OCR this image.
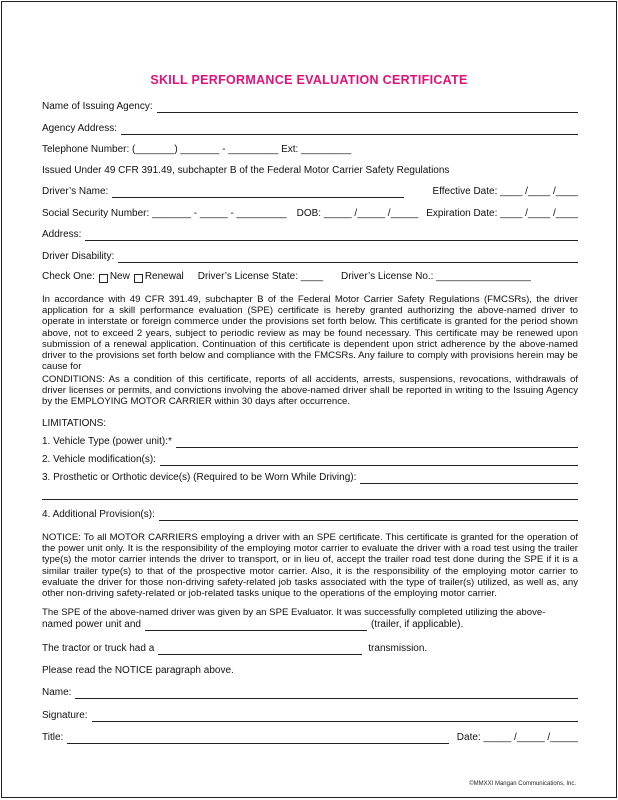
SKILL PERFORMANCE EVALUATION CERTIFICATE
Name of Issuing Agency:
Agency Address:
Telephone Number: (_______) _______ - _________ Ext: _________
Issued Under 49 CFR 391.49, subchapter B of the Federal Motor Carrier Safety Regulations
Driver’s Name:	Effective Date: ____ /____ /____
Social Security Number: _______ - _____ - _________ DOB: _____ /_____ /_____ Expiration Date: ____ /____ /____
Address:
Driver Disability:
Check One: New Renewal Driver’s License State: ____ Driver’s License No.: _________________
In accordance with 49 CFR 391.49, subchapter B of the Federal Motor Carrier Safety Regulations (FMCSRs), the driver application for a skill performance evaluation (SPE) certificate is hereby granted authorizing the above-named driver to operate in interstate or foreign commerce under the provisions set forth below. This certificate is granted for the period shown above, not to exceed 2 years, subject to periodic review as may be found necessary. This certificate may be renewed upon submission of a renewal application. Continuation of this certificate is dependent upon strict adherence by the above-named driver to the provisions set forth below and compliance with the FMCSRs. Any failure to comply with provisions herein may be cause for
CONDITIONS: As a condition of this certificate, reports of all accidents, arrests, suspensions, revocations, withdrawals of driver licenses or permits, and convictions involving the above-named driver shall be reported in writing to the Issuing Agency by the EMPLOYING MOTOR CARRIER within 30 days after occurrence.
LIMITATIONS:
1. Vehicle Type (power unit):*
2. Vehicle modification(s):
3. Prosthetic or Orthotic device(s) (Required to be Worn While Driving):
4. Additional Provision(s):
NOTICE: To all MOTOR CARRIERS employing a driver with an SPE certificate. This certificate is granted for the operation of the power unit only. It is the responsibility of the employing motor carrier to evaluate the driver with a road test using the trailer type(s) the motor carrier intends the driver to transport, or in lieu of, accept the trailer road test done during the SPE if it is a similar trailer type(s) to that of the prospective motor carrier. Also, it is the responsibility of the employing motor carrier to evaluate the driver for those non-driving safety-related job tasks associated with the type of trailer(s) utilized, as well as, any other non-driving safety-related or job-related tasks unique to the operations of the employing motor carrier.
The SPE of the above-named driver was given by an SPE Evaluator. It was successfully completed utilizing the above-
named power unit and	(trailer, if applicable).
The tractor or truck had a	transmission.
Please read the NOTICE paragraph above.
Name:
Signature:
Title:	Date: _____ /_____ /_____
©MMXXI Mangan Communications, Inc.
